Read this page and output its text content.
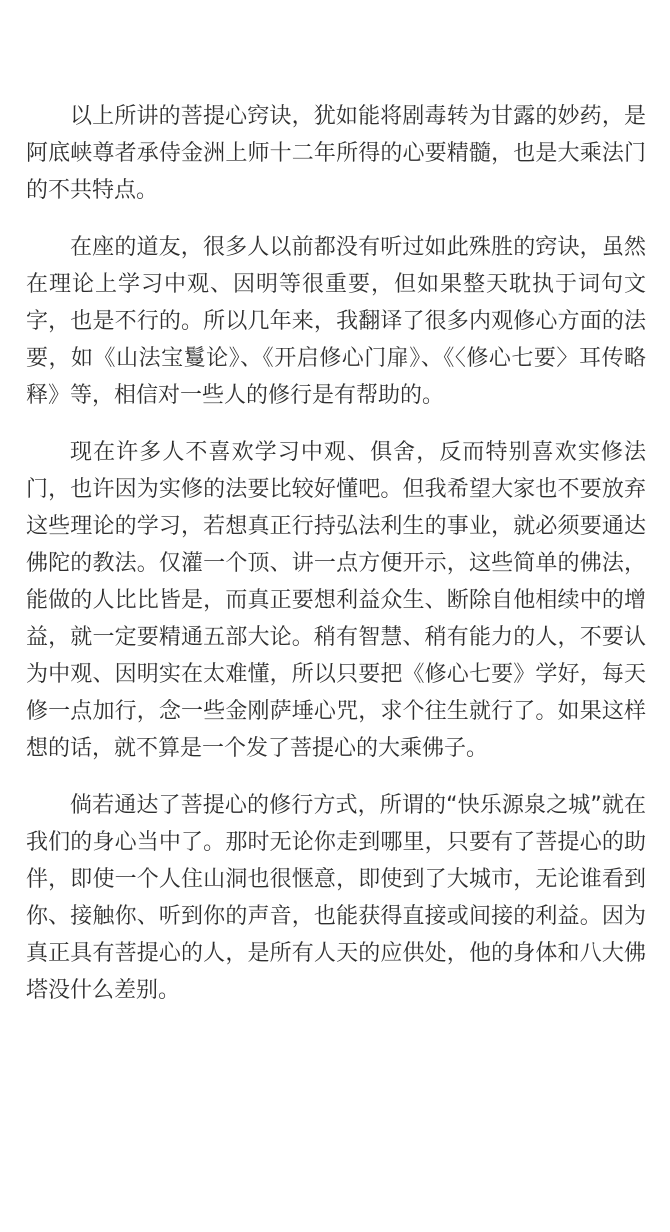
以上所讲的菩提心窍诀，犹如能将剧毒转为甘露的妙药，是阿底峡尊者承侍金洲上师十二年所得的心要精髓，也是大乘法门的不共特点。

在座的道友，很多人以前都没有听过如此殊胜的窍诀，虽然在理论上学习中观、因明等很重要，但如果整天耽执于词句文字，也是不行的。所以几年来，我翻译了很多内观修心方面的法要，如《山法宝鬘论》、《开启修心门扉》、《〈修心七要〉耳传略释》等，相信对一些人的修行是有帮助的。

现在许多人不喜欢学习中观、俱舍，反而特别喜欢实修法门，也许因为实修的法要比较好懂吧。但我希望大家也不要放弃这些理论的学习，若想真正行持弘法利生的事业，就必须要通达佛陀的教法。仅灌一个顶、讲一点方便开示，这些简单的佛法，能做的人比比皆是，而真正要想利益众生、断除自他相续中的增益，就一定要精通五部大论。稍有智慧、稍有能力的人，不要认为中观、因明实在太难懂，所以只要把《修心七要》学好，每天修一点加行，念一些金刚萨埵心咒，求个往生就行了。如果这样想的话，就不算是一个发了菩提心的大乘佛子。

倘若通达了菩提心的修行方式，所谓的“快乐源泉之城”就在我们的身心当中了。那时无论你走到哪里，只要有了菩提心的助伴，即使一个人住山洞也很惬意，即使到了大城市，无论谁看到你、接触你、听到你的声音，也能获得直接或间接的利益。因为真正具有菩提心的人，是所有人天的应供处，他的身体和八大佛塔没什么差别。
